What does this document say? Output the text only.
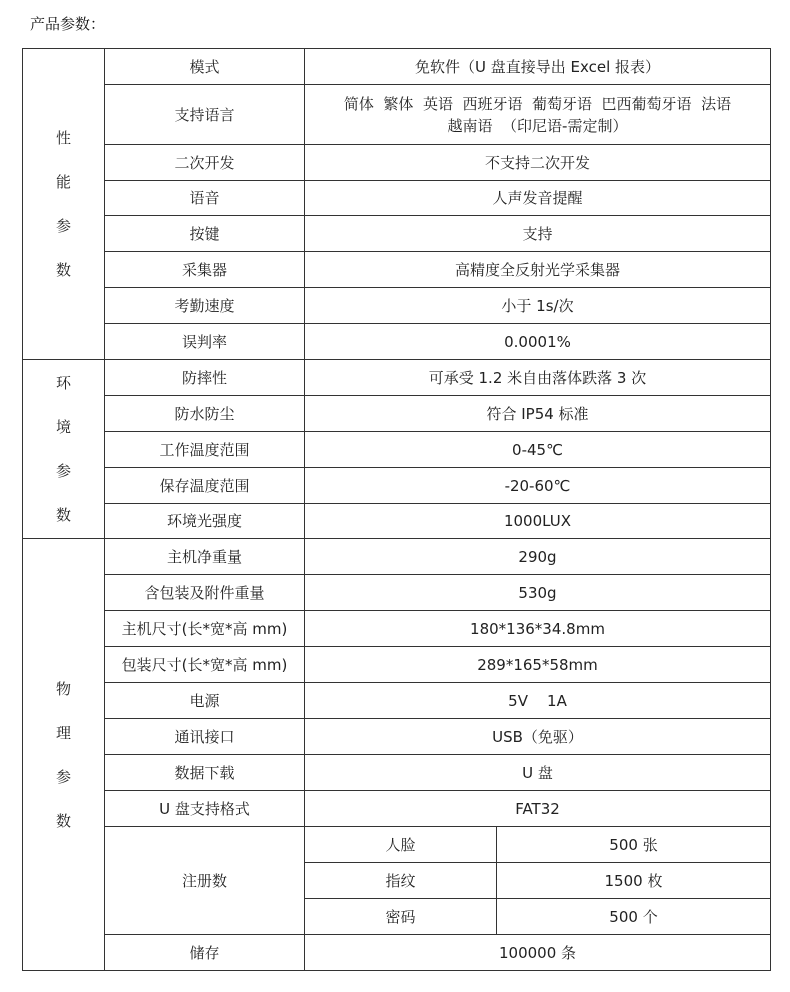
产品参数：
性
能
参
数	模式	免软件（U 盘直接导出 Excel 报表）	
	支持语言	简体  繁体  英语  西班牙语  葡萄牙语  巴西葡萄牙语  法语
越南语  （印尼语-需定制）	

	二次开发	不支持二次开发	
	语音	人声发音提醒	
	按键	支持	
	采集器	高精度全反射光学采集器	
	考勤速度	小于 1s/次	
	误判率	0.0001%	

环
境
参
数	防摔性	可承受 1.2 米自由落体跌落 3 次	
	防水防尘	符合 IP54 标准	
	工作温度范围	0-45℃	
	保存温度范围	-20-60℃	
	环境光强度	1000LUX	

物
理
参
数	主机净重量	290g	
	含包装及附件重量	530g	
	主机尺寸(长*宽*高 mm)	180*136*34.8mm	
	包装尺寸(长*宽*高 mm)	289*165*58mm	
	电源	5V    1A	
	通讯接口	USB（免驱）	
	数据下载	U 盘	
	U 盘支持格式	FAT32	
	注册数	人脸	500 张
		指纹	1500 枚
		密码	500 个
	储存	100000 条	
